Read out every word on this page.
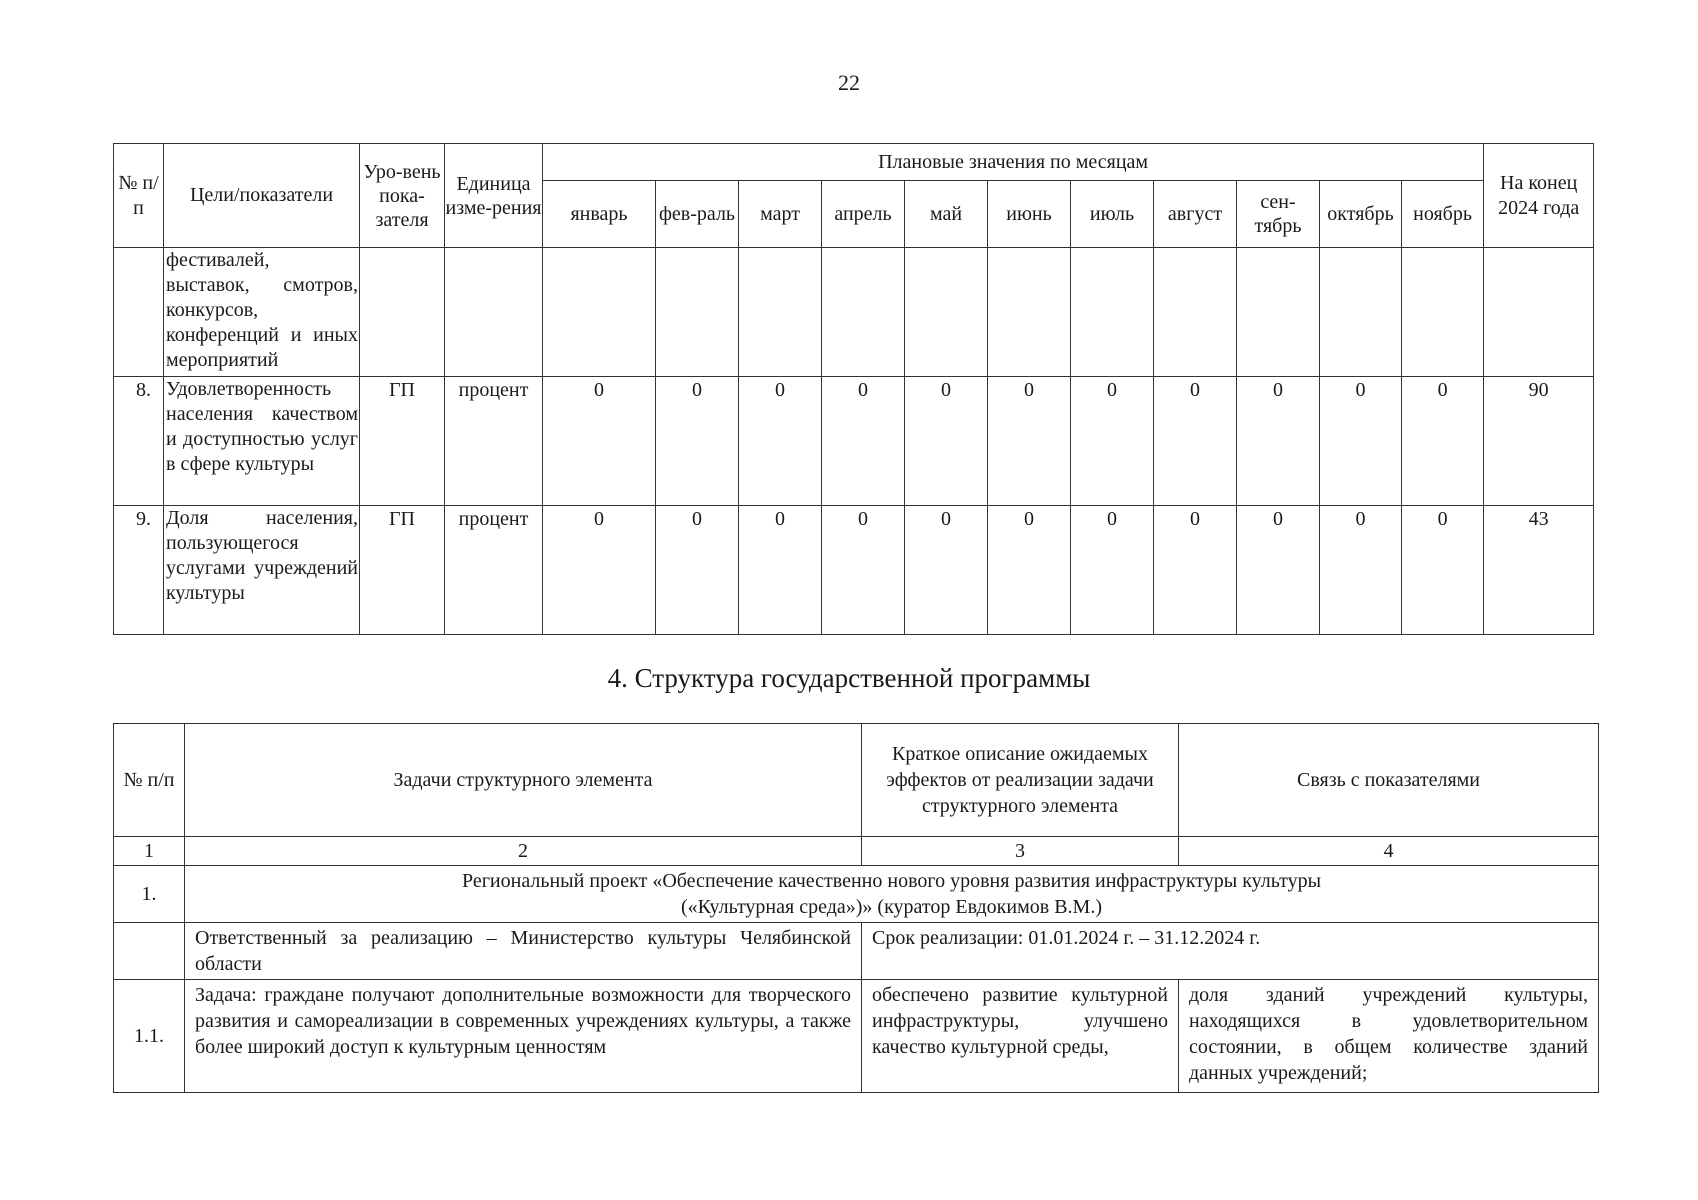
22
№ п/п	Цели/показатели	Уро-вень пока-зателя	Единица изме-рения	Плановые значения по месяцам											На конец 2024 года
				январь	фев-раль	март	апрель	май	июнь	июль	август	сен-тябрь	октябрь	ноябрь	
	фестивалей, выставок, смотров, конкурсов, конференций и иных мероприятий														
8.	Удовлетворенность населения качеством и доступностью услуг в сфере культуры	ГП	процент	0	0	0	0	0	0	0	0	0	0	0	90
9.	Доля населения, пользующегося услугами учреждений культуры	ГП	процент	0	0	0	0	0	0	0	0	0	0	0	43
4. Структура государственной программы
№ п/п	Задачи структурного элемента	Краткое описание ожидаемых эффектов от реализации задачи структурного элемента	Связь с показателями
1	2	3	4
1.	Региональный проект «Обеспечение качественно нового уровня развития инфраструктуры культуры
(«Культурная среда»)» (куратор Евдокимов В.М.)		

	Ответственный за реализацию – Министерство культуры Челябинской области	Срок реализации: 01.01.2024 г. – 31.12.2024 г.	
1.1.	Задача: граждане получают дополнительные возможности для творческого развития и самореализации в современных учреждениях культуры, а также более широкий доступ к культурным ценностям	обеспечено развитие культурной инфраструктуры, улучшено качество культурной среды,	доля зданий учреждений культуры, находящихся в удовлетворительном состоянии, в общем количестве зданий данных учреждений;
